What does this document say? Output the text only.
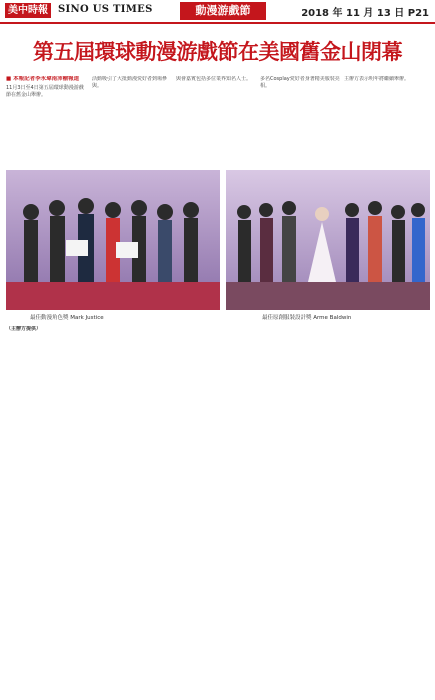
美中時報	SINO US TIMES	動漫游戲節	2018 年 11 月 13 日 P21
第五屆環球動漫游戲節在美國舊金山閉幕
■ 本報記者李永瑋南沛榆報道
11月3日至4日第五屆環球動漫游戲節在舊金山舉辦。
活動吸引了大批動漫愛好者到場參與。
與會嘉賓包括多位業界知名人士。	多名Cosplay愛好者身著精美服裝亮相。
主辦方表示明年將繼續舉辦。
最佳動漫角色獎 Mark Justice	最佳原創服裝設計獎 Arme Baldwin
（主辦方提供）
